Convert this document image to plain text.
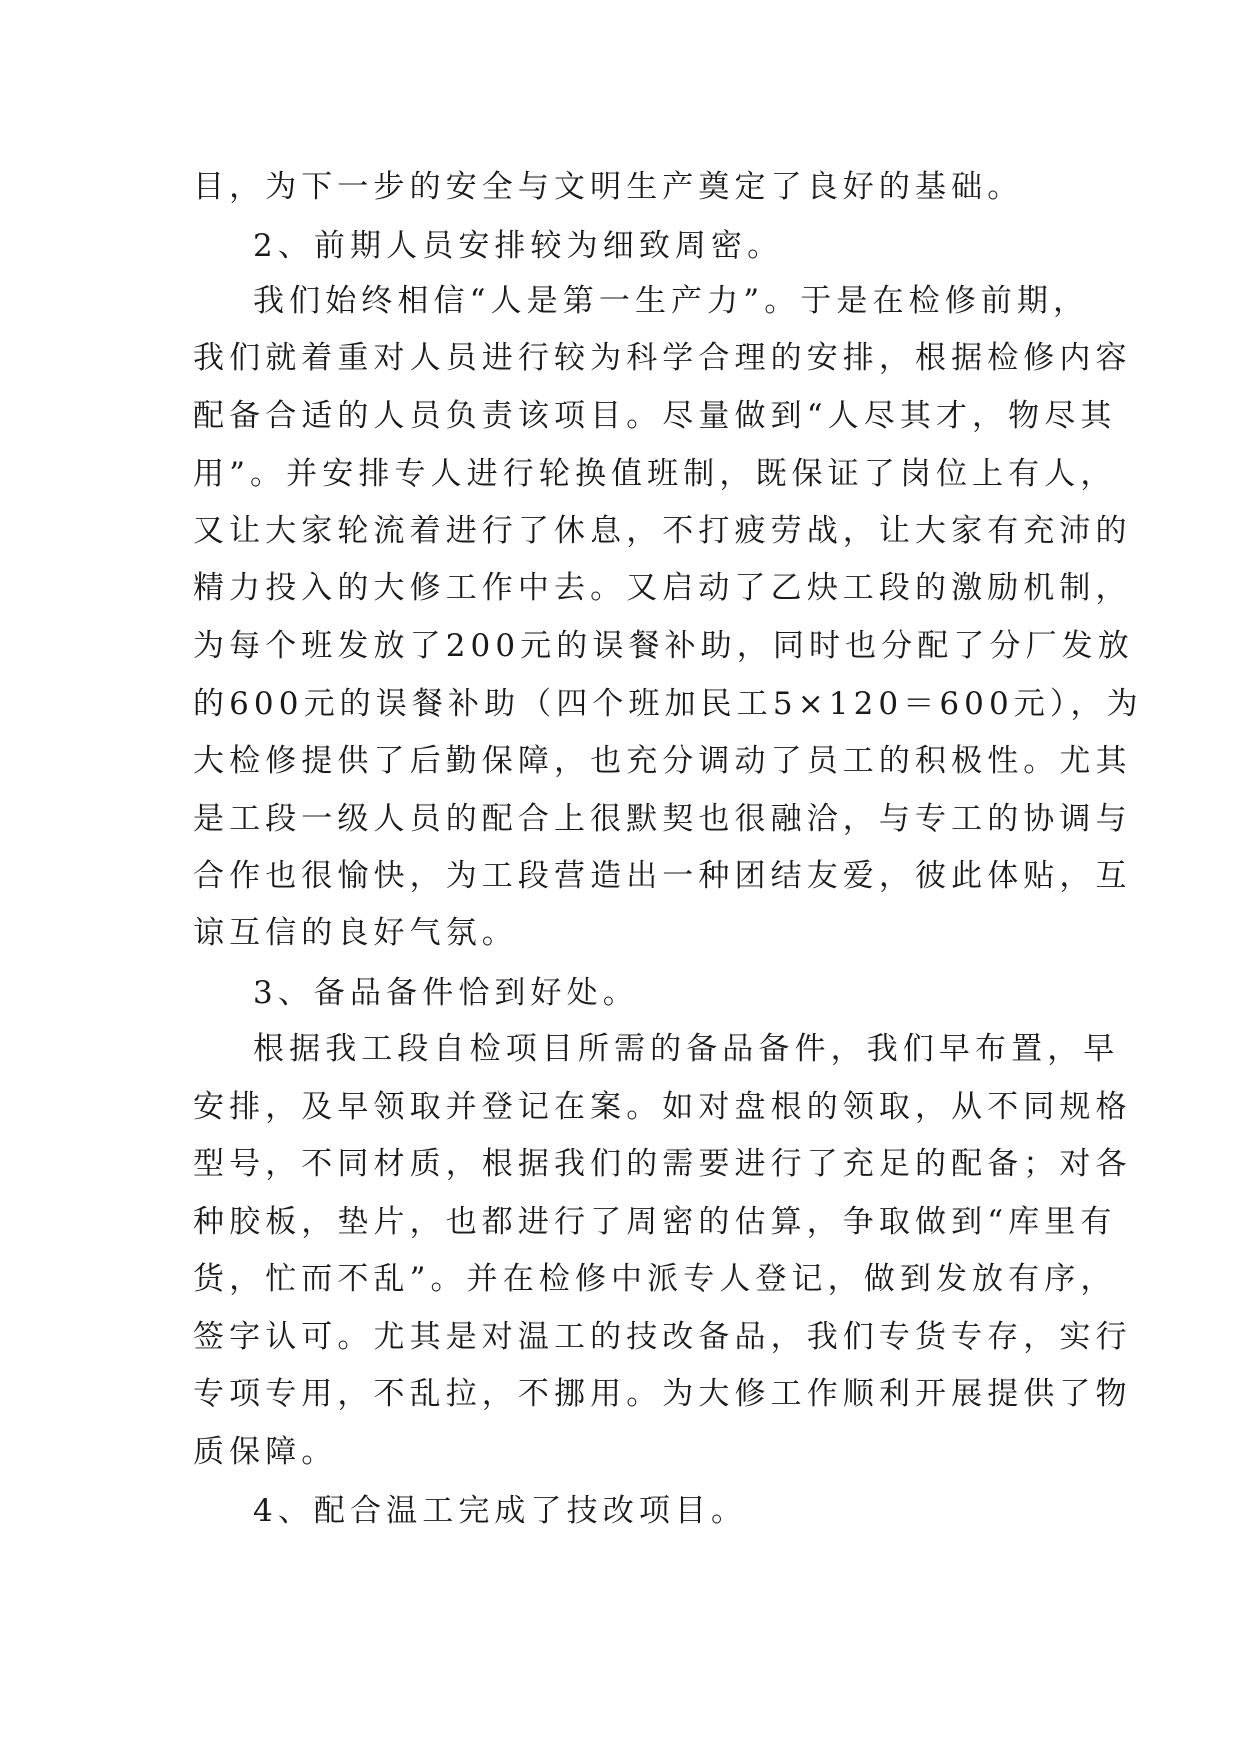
目，为下一步的安全与文明生产奠定了良好的基础。
2、前期人员安排较为细致周密。
我们始终相信“人是第一生产力”。于是在检修前期，
我们就着重对人员进行较为科学合理的安排，根据检修内容
配备合适的人员负责该项目。尽量做到“人尽其才，物尽其
用”。并安排专人进行轮换值班制，既保证了岗位上有人，
又让大家轮流着进行了休息，不打疲劳战，让大家有充沛的
精力投入的大修工作中去。又启动了乙炔工段的激励机制，
为每个班发放了200元的误餐补助，同时也分配了分厂发放
的600元的误餐补助（四个班加民工5×120＝600元），为
大检修提供了后勤保障，也充分调动了员工的积极性。尤其
是工段一级人员的配合上很默契也很融洽，与专工的协调与
合作也很愉快，为工段营造出一种团结友爱，彼此体贴，互
谅互信的良好气氛。
3、备品备件恰到好处。
根据我工段自检项目所需的备品备件，我们早布置，早
安排，及早领取并登记在案。如对盘根的领取，从不同规格
型号，不同材质，根据我们的需要进行了充足的配备；对各
种胶板，垫片，也都进行了周密的估算，争取做到“库里有
货，忙而不乱”。并在检修中派专人登记，做到发放有序，
签字认可。尤其是对温工的技改备品，我们专货专存，实行
专项专用，不乱拉，不挪用。为大修工作顺利开展提供了物
质保障。
4、配合温工完成了技改项目。
